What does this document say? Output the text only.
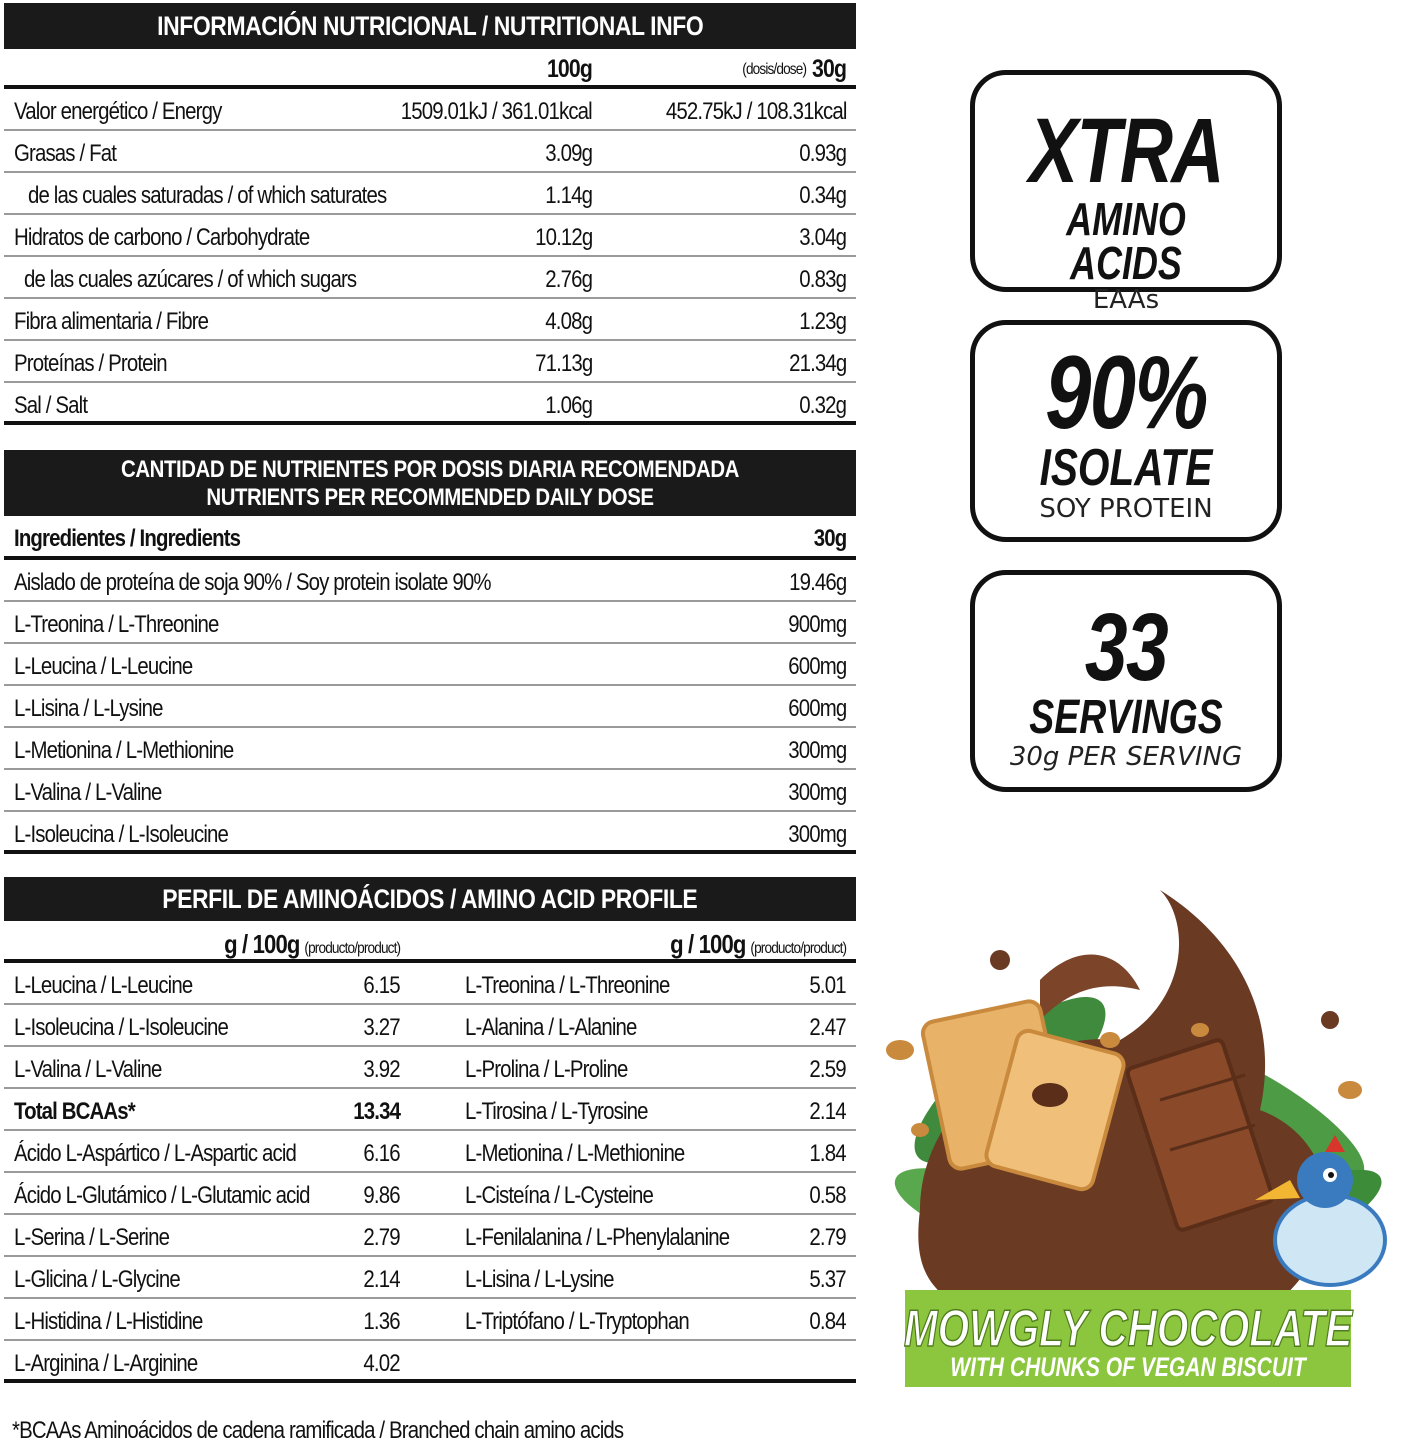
INFORMACIÓN NUTRICIONAL / NUTRITIONAL INFO
100g	(dosis/dose) 30g
Valor energético / Energy	1509.01kJ / 361.01kcal	452.75kJ / 108.31kcal
Grasas / Fat	3.09g	0.93g
de las cuales saturadas / of which saturates	1.14g	0.34g
Hidratos de carbono / Carbohydrate	10.12g	3.04g
de las cuales azúcares / of which sugars	2.76g	0.83g
Fibra alimentaria / Fibre	4.08g	1.23g
Proteínas / Protein	71.13g	21.34g
Sal / Salt	1.06g	0.32g
CANTIDAD DE NUTRIENTES POR DOSIS DIARIA RECOMENDADA
NUTRIENTS PER RECOMMENDED DAILY DOSE
Ingredientes / Ingredients	30g
Aislado de proteína de soja 90% / Soy protein isolate 90%	19.46g
L-Treonina / L-Threonine	900mg
L-Leucina / L-Leucine	600mg
L-Lisina / L-Lysine	600mg
L-Metionina / L-Methionine	300mg
L-Valina / L-Valine	300mg
L-Isoleucina / L-Isoleucine	300mg
PERFIL DE AMINOÁCIDOS / AMINO ACID PROFILE
g / 100g (producto/product)	g / 100g (producto/product)
L-Leucina / L-Leucine	6.15	L-Treonina / L-Threonine	5.01
L-Isoleucina / L-Isoleucine	3.27	L-Alanina / L-Alanine	2.47
L-Valina / L-Valine	3.92	L-Prolina / L-Proline	2.59
Total BCAAs*	13.34	L-Tirosina / L-Tyrosine	2.14
Ácido L-Aspártico / L-Aspartic acid	6.16	L-Metionina / L-Methionine	1.84
Ácido L-Glutámico / L-Glutamic acid 9.86	L-Cisteína / L-Cysteine	0.58
L-Serina / L-Serine	2.79	L-Fenilalanina / L-Phenylalanine	2.79
L-Glicina / L-Glycine	2.14	L-Lisina / L-Lysine	5.37
L-Histidina / L-Histidine	1.36	L-Triptófano / L-Tryptophan	0.84
L-Arginina / L-Arginine	4.02
*BCAAs Aminoácidos de cadena ramificada / Branched chain amino acids
XTRA
AMINO ACIDS
EAAs
90%
ISOLATE
SOY PROTEIN
33
SERVINGS
30g PER SERVING
MOWGLY CHOCOLATE
WITH CHUNKS OF VEGAN BISCUIT
